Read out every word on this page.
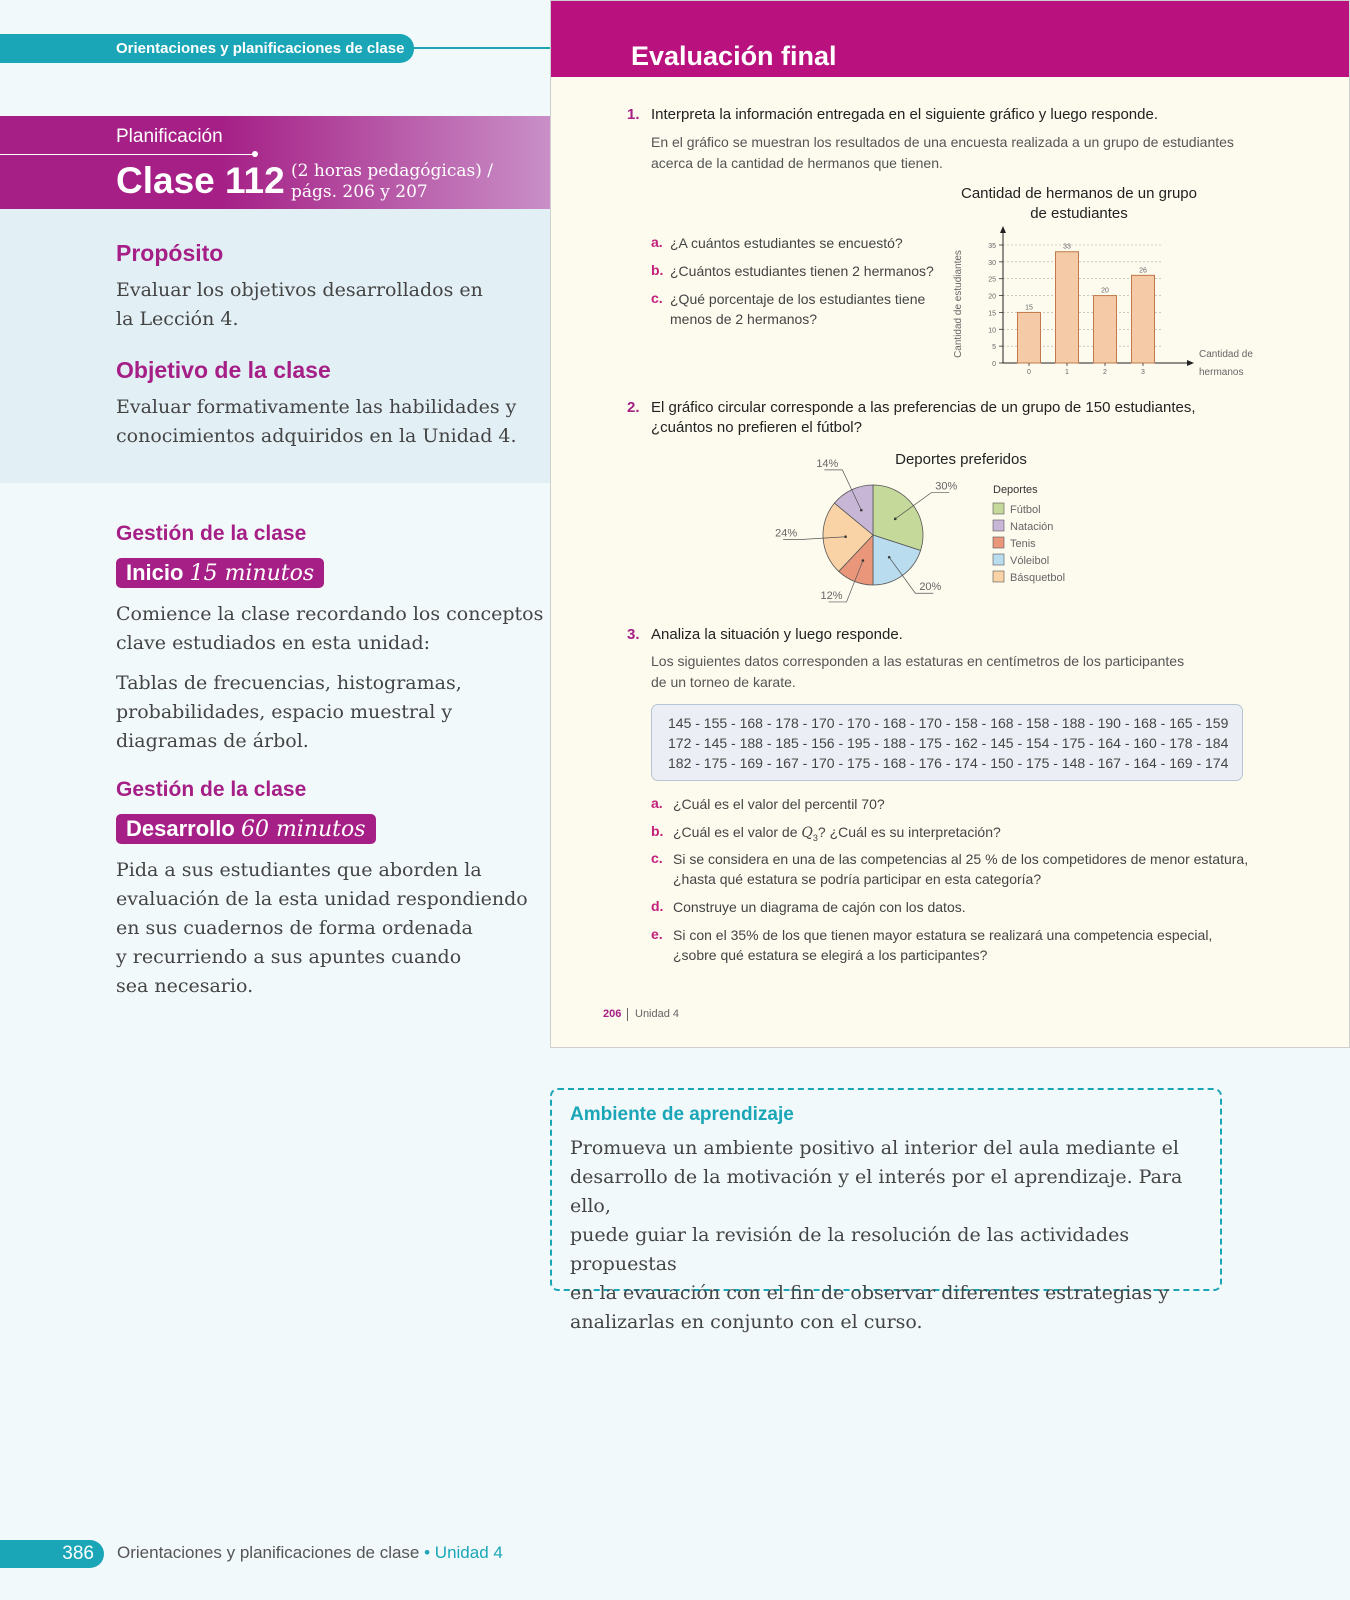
Orientaciones y planificaciones de clase
Planificación
Clase 112 (2 horas pedagógicas) /
págs. 206 y 207
Propósito
Evaluar los objetivos desarrollados en
la Lección 4.
Objetivo de la clase
Evaluar formativamente las habilidades y
conocimientos adquiridos en la Unidad 4.
Gestión de la clase
Inicio 15 minutos
Comience la clase recordando los conceptos
clave estudiados en esta unidad:
Tablas de frecuencias, histogramas,
probabilidades, espacio muestral y
diagramas de árbol.
Gestión de la clase
Desarrollo 60 minutos
Pida a sus estudiantes que aborden la
evaluación de la esta unidad respondiendo
en sus cuadernos de forma ordenada
y recurriendo a sus apuntes cuando
sea necesario.
Evaluación final
1. Interpreta la información entregada en el siguiente gráfico y luego responde.
En el gráfico se muestran los resultados de una encuesta realizada a un grupo de estudiantes
acerca de la cantidad de hermanos que tienen.
a. ¿A cuántos estudiantes se encuestó?
b. ¿Cuántos estudiantes tienen 2 hermanos?
c. ¿Qué porcentaje de los estudiantes tiene
menos de 2 hermanos?
Cantidad de hermanos de un grupo
de estudiantes
0
5
10
15
20
25
30
35
15
0
33
1
20
2
26
3
Cantidad de estudiantes	Cantidad de
hermanos
2. El gráfico circular corresponde a las preferencias de un grupo de 150 estudiantes,
¿cuántos no prefieren el fútbol?
Deportes preferidos
30%
20%
12%
24%
14%
Deportes
Fútbol
Natación
Tenis
Vóleibol
Básquetbol
3. Analiza la situación y luego responde.
Los siguientes datos corresponden a las estaturas en centímetros de los participantes
de un torneo de karate.
145 - 155 - 168 - 178 - 170 - 170 - 168 - 170 - 158 - 168 - 158 - 188 - 190 - 168 - 165 - 159
172 - 145 - 188 - 185 - 156 - 195 - 188 - 175 - 162 - 145 - 154 - 175 - 164 - 160 - 178 - 184
182 - 175 - 169 - 167 - 170 - 175 - 168 - 176 - 174 - 150 - 175 - 148 - 167 - 164 - 169 - 174
a. ¿Cuál es el valor del percentil 70?
b. ¿Cuál es el valor de $Q_3$? ¿Cuál es su interpretación?
c. Si se considera en una de las competencias al 25 % de los competidores de menor estatura,
¿hasta qué estatura se podría participar en esta categoría?
d. Construye un diagrama de cajón con los datos.
e. Si con el 35% de los que tienen mayor estatura se realizará una competencia especial,
¿sobre qué estatura se elegirá a los participantes?
206 Unidad 4
Ambiente de aprendizaje
Promueva un ambiente positivo al interior del aula mediante el
desarrollo de la motivación y el interés por el aprendizaje. Para ello,
puede guiar la revisión de la resolución de las actividades propuestas
en la evauación con el fin de observar diferentes estrategias y
analizarlas en conjunto con el curso.
386	Orientaciones y planificaciones de clase • Unidad 4
